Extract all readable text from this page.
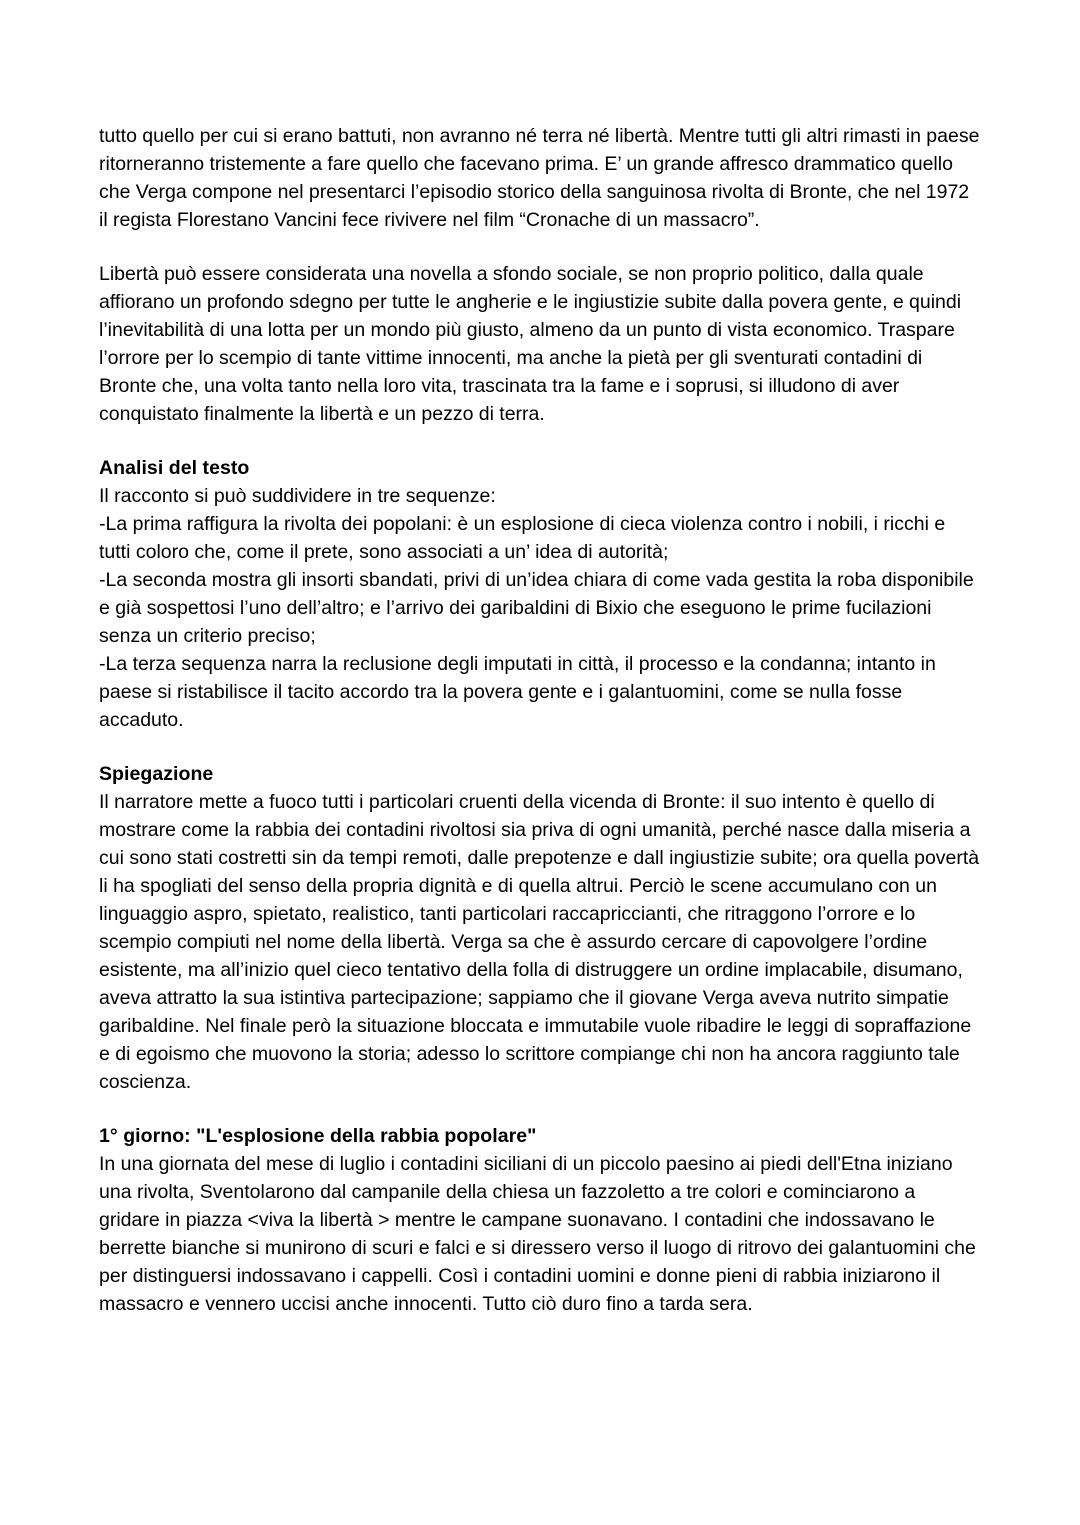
tutto quello per cui si erano battuti, non avranno né terra né libertà. Mentre tutti gli altri rimasti in paese ritorneranno tristemente a fare quello che facevano prima. E’ un grande affresco drammatico quello che Verga compone nel presentarci l’episodio storico della sanguinosa rivolta di Bronte, che nel 1972 il regista Florestano Vancini fece rivivere nel film “Cronache di un massacro”.

Libertà può essere considerata una novella a sfondo sociale, se non proprio politico, dalla quale affiorano un profondo sdegno per tutte le angherie e le ingiustizie subite dalla povera gente, e quindi l’inevitabilità di una lotta per un mondo più giusto, almeno da un punto di vista economico. Traspare l’orrore per lo scempio di tante vittime innocenti, ma anche la pietà per gli sventurati contadini di Bronte che, una volta tanto nella loro vita, trascinata tra la fame e i soprusi, si illudono di aver conquistato finalmente la libertà e un pezzo di terra.

Analisi del testo
Il racconto si può suddividere in tre sequenze:
-La prima raffigura la rivolta dei popolani: è un esplosione di cieca violenza contro i nobili, i ricchi e tutti coloro che, come il prete, sono associati a un’ idea di autorità;
-La seconda mostra gli insorti sbandati, privi di un’idea chiara di come vada gestita la roba disponibile e già sospettosi l’uno dell’altro; e l’arrivo dei garibaldini di Bixio che eseguono le prime fucilazioni senza un criterio preciso;
-La terza sequenza narra la reclusione degli imputati in città, il processo e la condanna; intanto in paese si ristabilisce il tacito accordo tra la povera gente e i galantuomini, come se nulla fosse accaduto.
Spiegazione
Il narratore mette a fuoco tutti i particolari cruenti della vicenda di Bronte: il suo intento è quello di mostrare come la rabbia dei contadini rivoltosi sia priva di ogni umanità, perché nasce dalla miseria a cui sono stati costretti sin da tempi remoti, dalle prepotenze e dall ingiustizie subite; ora quella povertà li ha spogliati del senso della propria dignità e di quella altrui. Perciò le scene accumulano con un linguaggio aspro, spietato, realistico, tanti particolari raccapriccianti, che ritraggono l’orrore e lo scempio compiuti nel nome della libertà. Verga sa che è assurdo cercare di capovolgere l’ordine esistente, ma all’inizio quel cieco tentativo della folla di distruggere un ordine implacabile, disumano, aveva attratto la sua istintiva partecipazione; sappiamo che il giovane Verga aveva nutrito simpatie garibaldine. Nel finale però la situazione bloccata e immutabile vuole ribadire le leggi di sopraffazione e di egoismo che muovono la storia; adesso lo scrittore compiange chi non ha ancora raggiunto tale coscienza.
1° giorno: "L'esplosione della rabbia popolare"
In una giornata del mese di luglio i contadini siciliani di un piccolo paesino ai piedi dell'Etna iniziano una rivolta, Sventolarono dal campanile della chiesa un fazzoletto a tre colori e cominciarono a gridare in piazza <viva la libertà > mentre le campane suonavano. I contadini che indossavano le berrette bianche si munirono di scuri e falci e si diressero verso il luogo di ritrovo dei galantuomini che per distinguersi indossavano i cappelli. Così i contadini uomini e donne pieni di rabbia iniziarono il massacro e vennero uccisi anche innocenti. Tutto ciò duro fino a tarda sera.
